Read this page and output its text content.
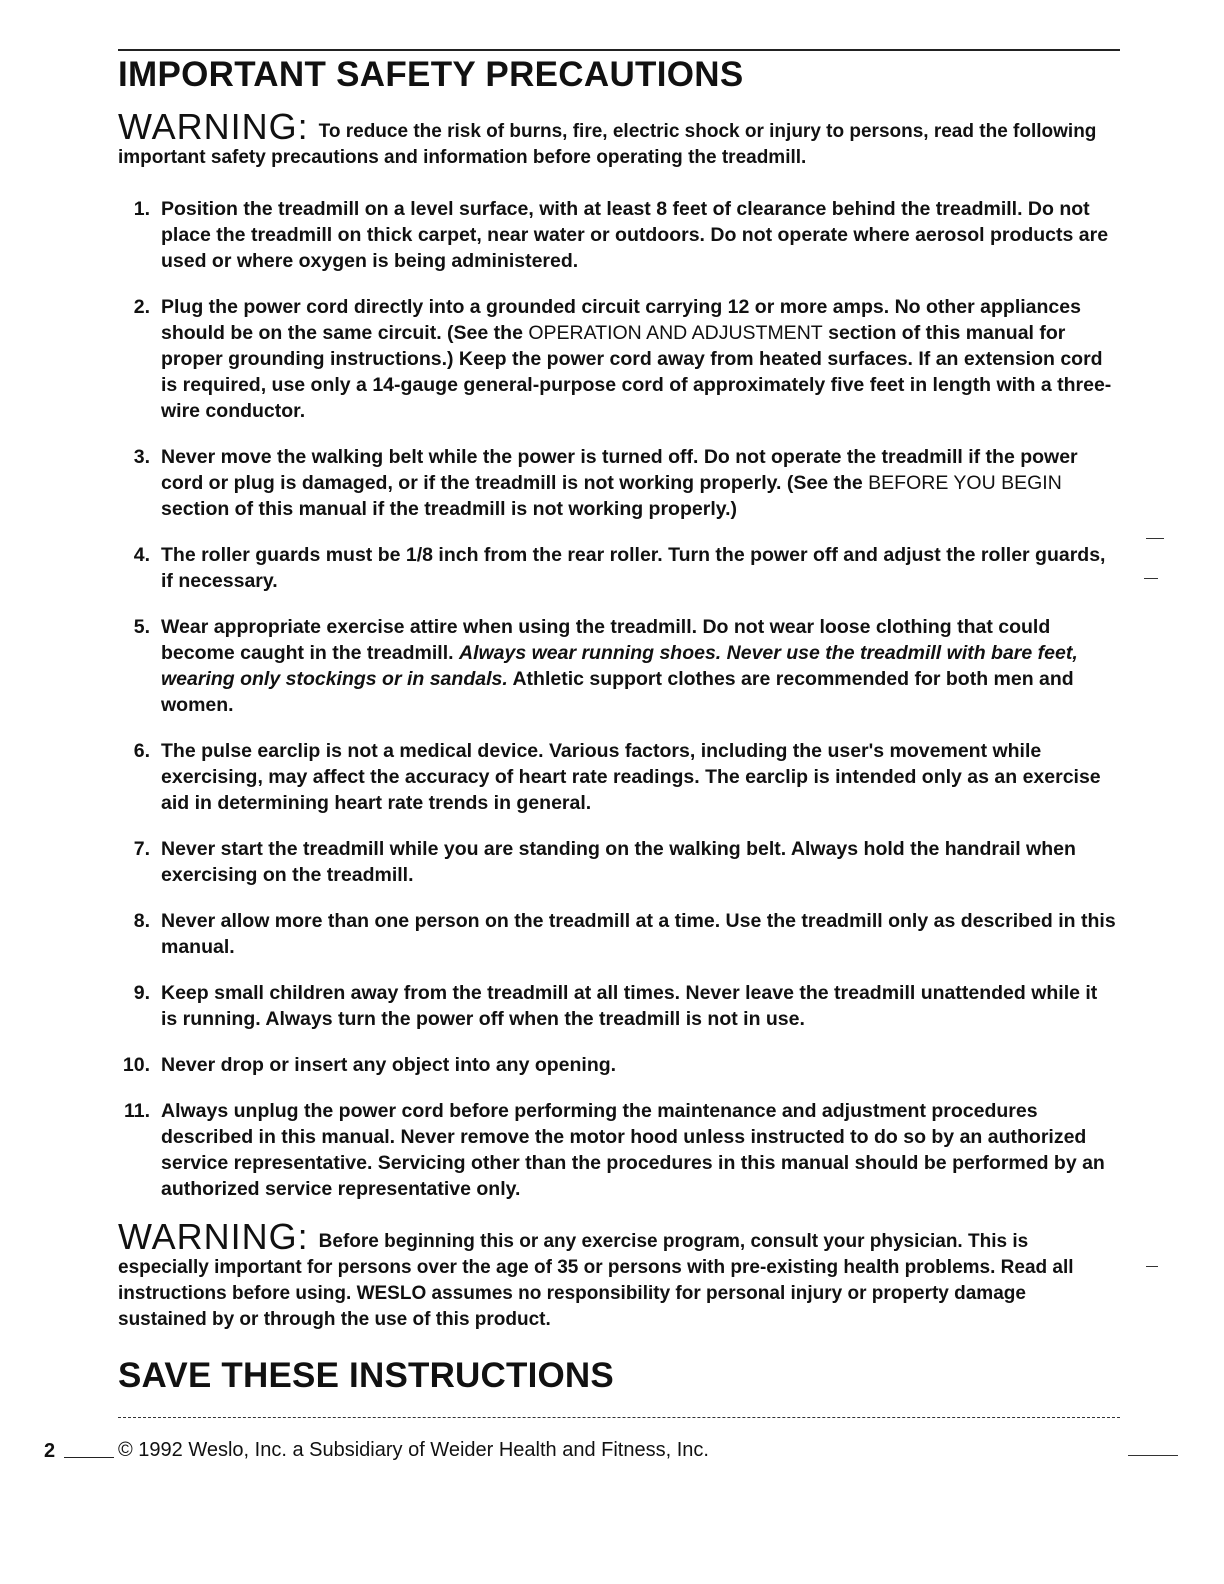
IMPORTANT SAFETY PRECAUTIONS
WARNING: To reduce the risk of burns, fire, electric shock or injury to persons, read the following important safety precautions and information before operating the treadmill.
1. Position the treadmill on a level surface, with at least 8 feet of clearance behind the treadmill. Do not place the treadmill on thick carpet, near water or outdoors. Do not operate where aerosol products are used or where oxygen is being administered.
2. Plug the power cord directly into a grounded circuit carrying 12 or more amps. No other appliances should be on the same circuit. (See the OPERATION AND ADJUSTMENT section of this manual for proper grounding instructions.) Keep the power cord away from heated surfaces. If an extension cord is required, use only a 14-gauge general-purpose cord of approximately five feet in length with a three-wire conductor.
3. Never move the walking belt while the power is turned off. Do not operate the treadmill if the power cord or plug is damaged, or if the treadmill is not working properly. (See the BEFORE YOU BEGIN section of this manual if the treadmill is not working properly.)
4. The roller guards must be 1/8 inch from the rear roller. Turn the power off and adjust the roller guards, if necessary.
5. Wear appropriate exercise attire when using the treadmill. Do not wear loose clothing that could become caught in the treadmill. Always wear running shoes. Never use the treadmill with bare feet, wearing only stockings or in sandals. Athletic support clothes are recommended for both men and women.
6. The pulse earclip is not a medical device. Various factors, including the user's movement while exercising, may affect the accuracy of heart rate readings. The earclip is intended only as an exercise aid in determining heart rate trends in general.
7. Never start the treadmill while you are standing on the walking belt. Always hold the handrail when exercising on the treadmill.
8. Never allow more than one person on the treadmill at a time. Use the treadmill only as described in this manual.
9. Keep small children away from the treadmill at all times. Never leave the treadmill unattended while it is running. Always turn the power off when the treadmill is not in use.
10. Never drop or insert any object into any opening.
11. Always unplug the power cord before performing the maintenance and adjustment procedures described in this manual. Never remove the motor hood unless instructed to do so by an authorized service representative. Servicing other than the procedures in this manual should be performed by an authorized service representative only.
WARNING: Before beginning this or any exercise program, consult your physician. This is especially important for persons over the age of 35 or persons with pre-existing health problems. Read all instructions before using. WESLO assumes no responsibility for personal injury or property damage sustained by or through the use of this product.
SAVE THESE INSTRUCTIONS
2	© 1992 Weslo, Inc. a Subsidiary of Weider Health and Fitness, Inc.
